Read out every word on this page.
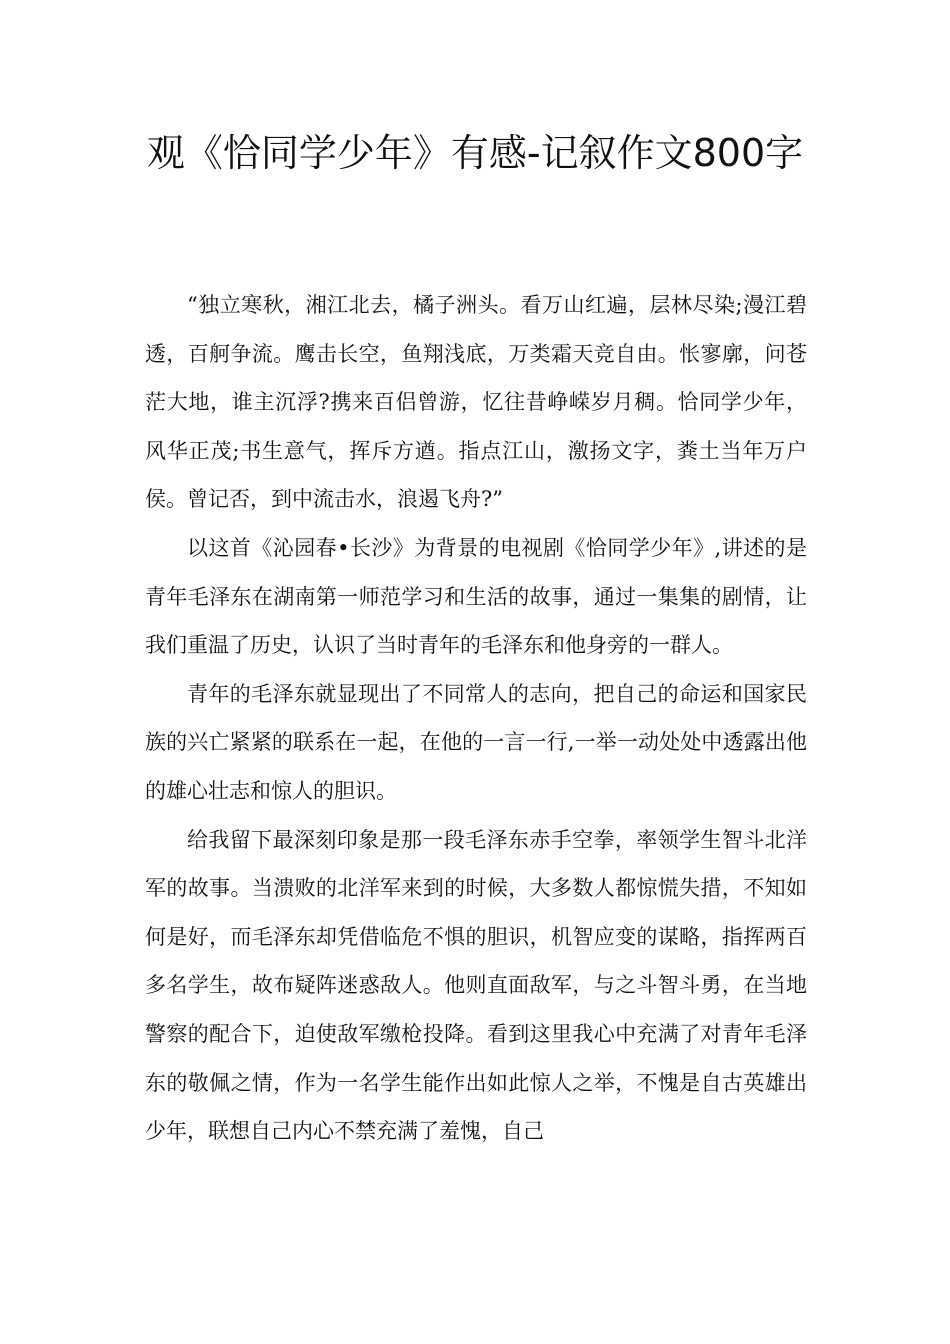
观《恰同学少年》有感-记叙作文800字

“独立寒秋，湘江北去，橘子洲头。看万山红遍，层林尽染;漫江碧透，百舸争流。鹰击长空，鱼翔浅底，万类霜天竞自由。怅寥廓，问苍茫大地，谁主沉浮?携来百侣曾游，忆往昔峥嵘岁月稠。恰同学少年，风华正茂;书生意气，挥斥方遒。指点江山，激扬文字，粪土当年万户侯。曾记否，到中流击水，浪遏飞舟?”

以这首《沁园春•长沙》为背景的电视剧《恰同学少年》,讲述的是青年毛泽东在湖南第一师范学习和生活的故事，通过一集集的剧情，让我们重温了历史，认识了当时青年的毛泽东和他身旁的一群人。

青年的毛泽东就显现出了不同常人的志向，把自己的命运和国家民族的兴亡紧紧的联系在一起，在他的一言一行,一举一动处处中透露出他的雄心壮志和惊人的胆识。

给我留下最深刻印象是那一段毛泽东赤手空拳，率领学生智斗北洋军的故事。当溃败的北洋军来到的时候，大多数人都惊慌失措，不知如何是好，而毛泽东却凭借临危不惧的胆识，机智应变的谋略，指挥两百多名学生，故布疑阵迷惑敌人。他则直面敌军，与之斗智斗勇，在当地警察的配合下，迫使敌军缴枪投降。看到这里我心中充满了对青年毛泽东的敬佩之情，作为一名学生能作出如此惊人之举，不愧是自古英雄出少年，联想自己内心不禁充满了羞愧，自己
